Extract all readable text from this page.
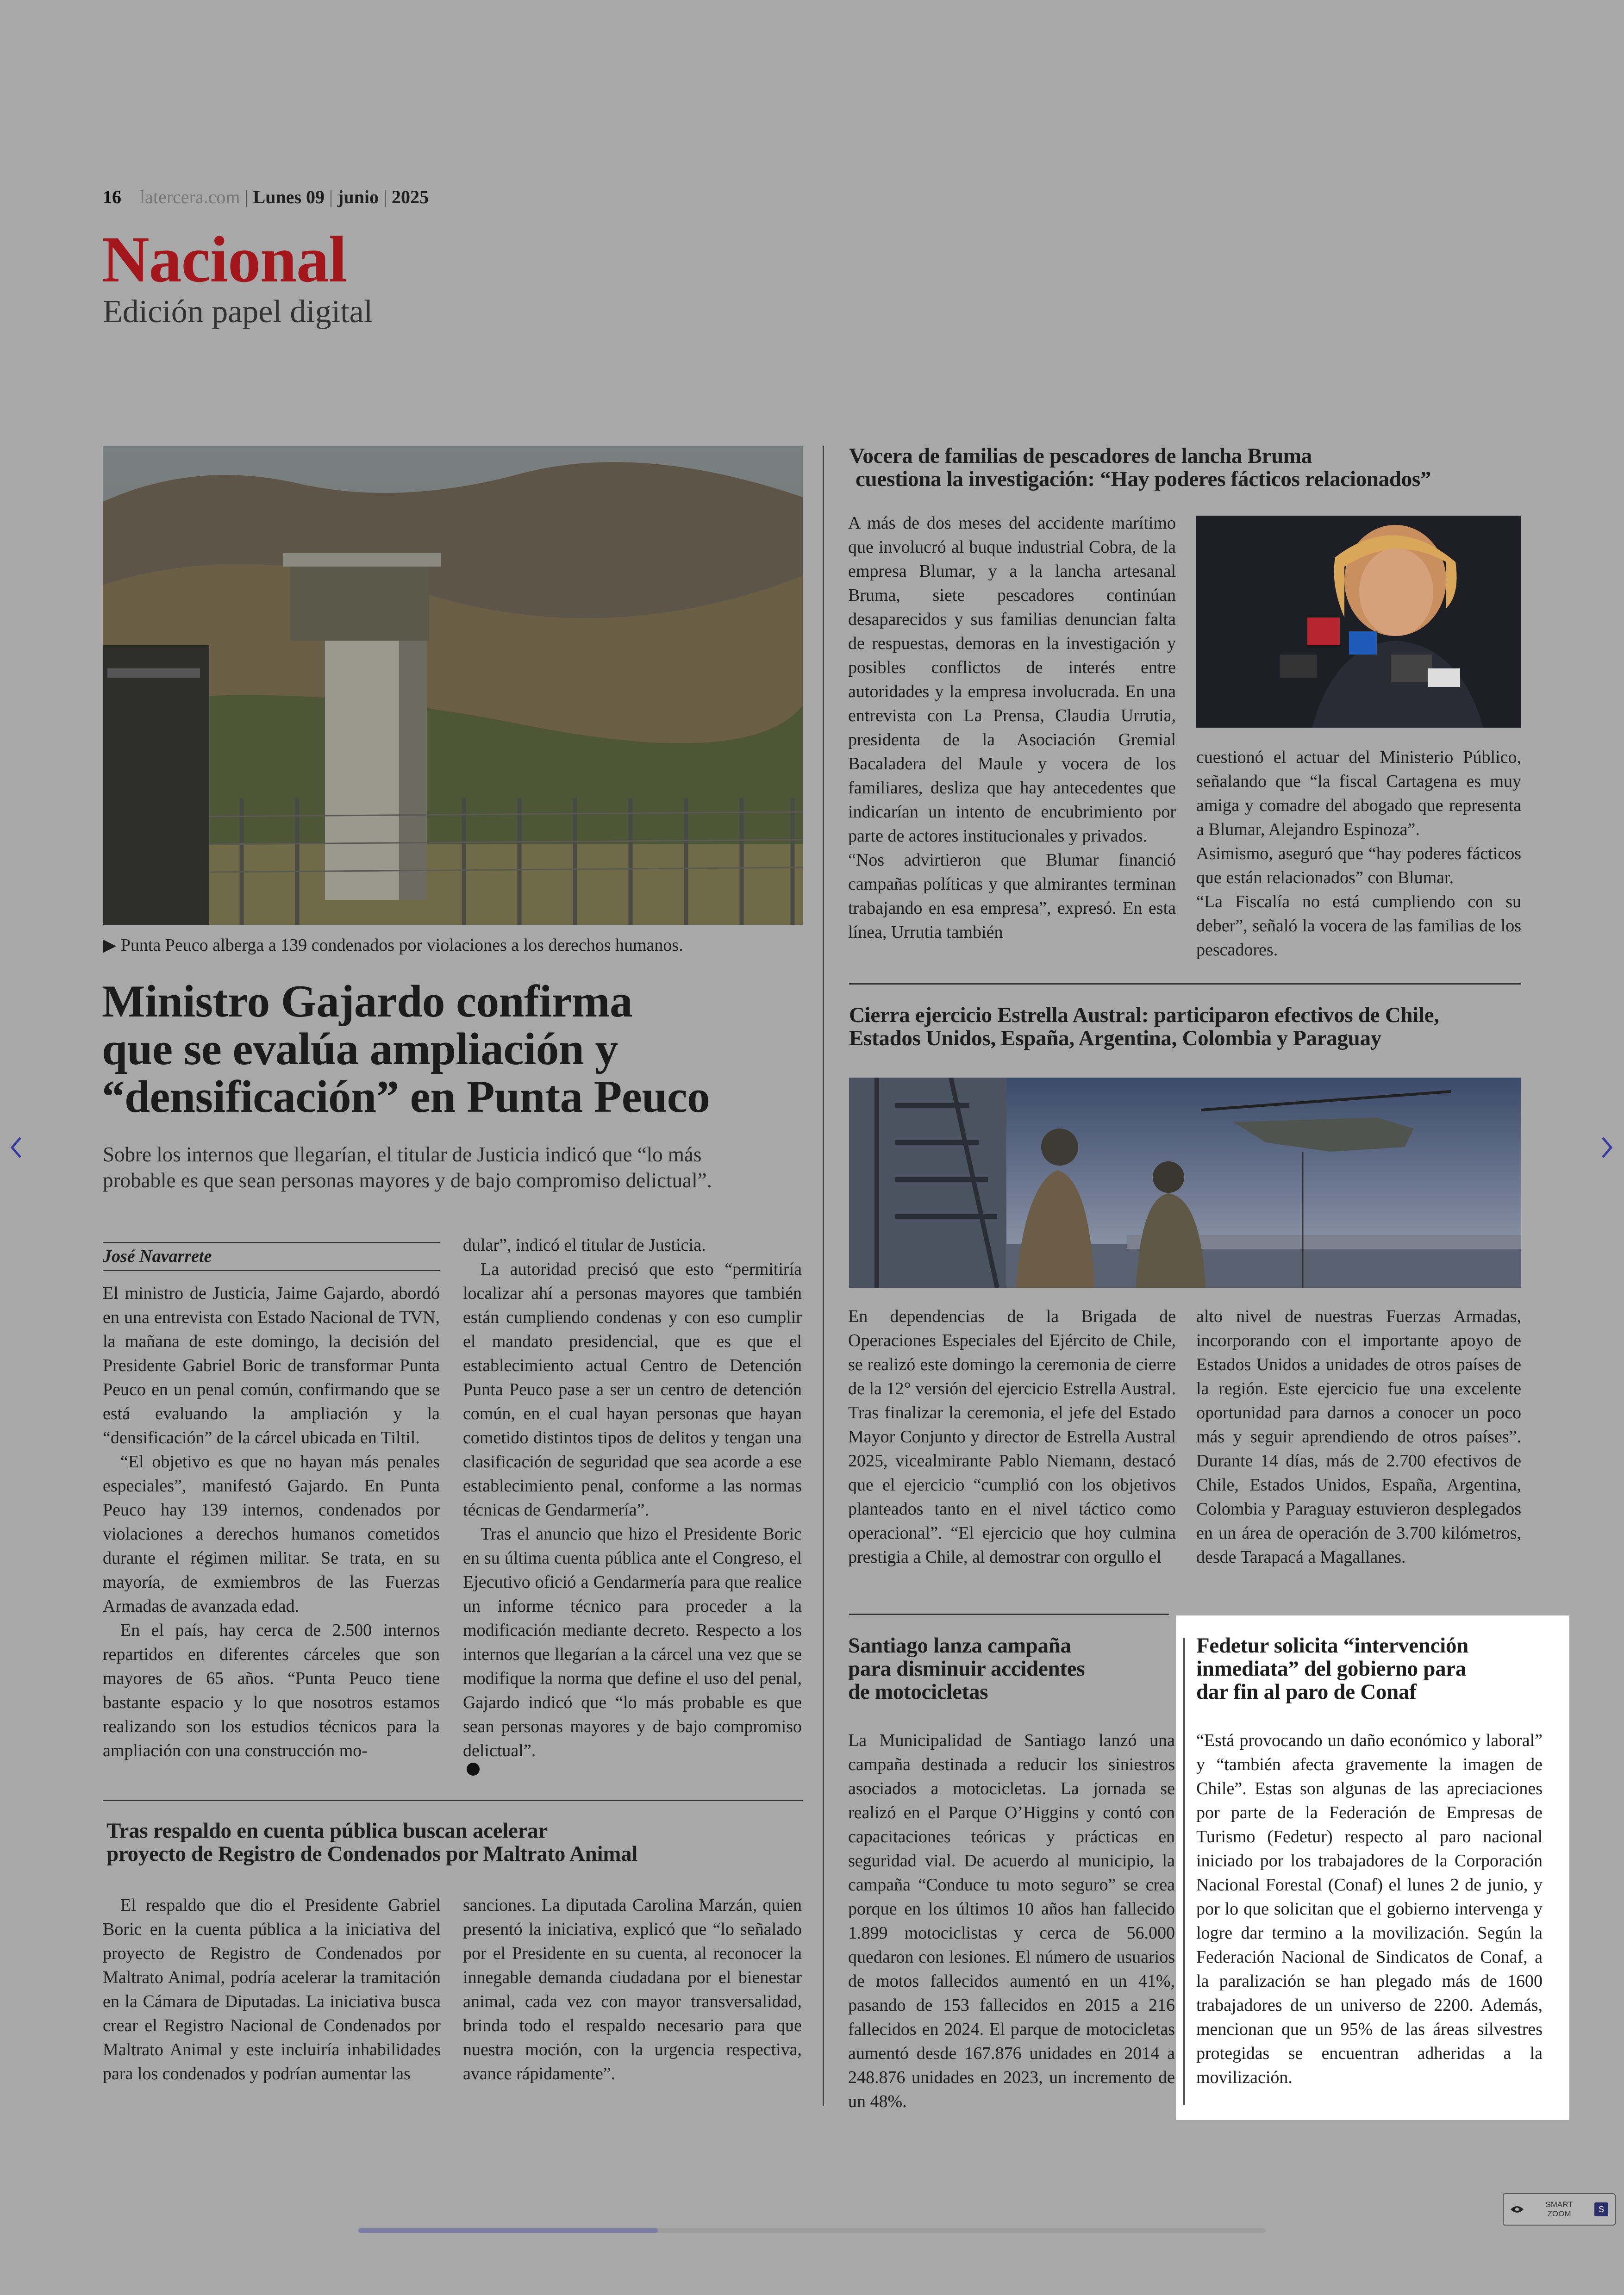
16 latercera.com | Lunes 09 | junio | 2025
Nacional
Edición papel digital
▶ Punta Peuco alberga a 139 condenados por violaciones a los derechos humanos.
Ministro Gajardo confirma
que se evalúa ampliación y
“densificación” en Punta Peuco
Sobre los internos que llegarían, el titular de Justicia indicó que “lo más
probable es que sean personas mayores y de bajo compromiso delictual”.
José Navarrete

El ministro de Justicia, Jaime Gajardo, abordó en una entrevista con Estado Nacional de TVN, la mañana de este domingo, la decisión del Presidente Gabriel Boric de transformar Punta Peuco en un penal común, confirmando que se está evaluando la ampliación y la “densificación” de la cárcel ubicada en Tiltil.

“El objetivo es que no hayan más penales especiales”, manifestó Gajardo. En Punta Peuco hay 139 internos, condenados por violaciones a derechos humanos cometidos durante el régimen militar. Se trata, en su mayoría, de exmiembros de las Fuerzas Armadas de avanzada edad.

En el país, hay cerca de 2.500 internos repartidos en diferentes cárceles que son mayores de 65 años. “Punta Peuco tiene bastante espacio y lo que nosotros estamos realizando son los estudios técnicos para la ampliación con una construcción mo-

dular”, indicó el titular de Justicia.

La autoridad precisó que esto “permitiría localizar ahí a personas mayores que también están cumpliendo condenas y con eso cumplir el mandato presidencial, que es que el establecimiento actual Centro de Detención Punta Peuco pase a ser un centro de detención común, en el cual hayan personas que hayan cometido distintos tipos de delitos y tengan una clasificación de seguridad que sea acorde a ese establecimiento penal, conforme a las normas técnicas de Gendarmería”.

Tras el anuncio que hizo el Presidente Boric en su última cuenta pública ante el Congreso, el Ejecutivo ofició a Gendarmería para que realice un informe técnico para proceder a la modificación mediante decreto. Respecto a los internos que llegarían a la cárcel una vez que se modifique la norma que define el uso del penal, Gajardo indicó que “lo más probable es que sean personas mayores y de bajo compromiso delictual”.

Tras respaldo en cuenta pública buscan acelerar
proyecto de Registro de Condenados por Maltrato Animal

El respaldo que dio el Presidente Gabriel Boric en la cuenta pública a la iniciativa del proyecto de Registro de Condenados por Maltrato Animal, podría acelerar la tramitación en la Cámara de Diputadas. La iniciativa busca crear el Registro Nacional de Condenados por Maltrato Animal y este incluiría inhabilidades para los condenados y podrían aumentar las

sanciones. La diputada Carolina Marzán, quien presentó la iniciativa, explicó que “lo señalado por el Presidente en su cuenta, al reconocer la innegable demanda ciudadana por el bienestar animal, cada vez con mayor transversalidad, brinda todo el respaldo necesario para que nuestra moción, con la urgencia respectiva, avance rápidamente”.

Vocera de familias de pescadores de lancha Bruma
cuestiona la investigación: “Hay poderes fácticos relacionados”

A más de dos meses del accidente marítimo que involucró al buque industrial Cobra, de la empresa Blumar, y a la lancha artesanal Bruma, siete pescadores continúan desaparecidos y sus familias denuncian falta de respuestas, demoras en la investigación y posibles conflictos de interés entre autoridades y la empresa involucrada. En una entrevista con La Prensa, Claudia Urrutia, presidenta de la Asociación Gremial Bacaladera del Maule y vocera de los familiares, desliza que hay antecedentes que indicarían un intento de encubrimiento por parte de actores institucionales y privados.

“Nos advirtieron que Blumar financió campañas políticas y que almirantes terminan trabajando en esa empresa”, expresó. En esta línea, Urrutia también

cuestionó el actuar del Ministerio Público, señalando que “la fiscal Cartagena es muy amiga y comadre del abogado que representa a Blumar, Alejandro Espinoza”.

Asimismo, aseguró que “hay poderes fácticos que están relacionados” con Blumar.

“La Fiscalía no está cumpliendo con su deber”, señaló la vocera de las familias de los pescadores.

Cierra ejercicio Estrella Austral: participaron efectivos de Chile,
Estados Unidos, España, Argentina, Colombia y Paraguay

En dependencias de la Brigada de Operaciones Especiales del Ejército de Chile, se realizó este domingo la ceremonia de cierre de la 12° versión del ejercicio Estrella Austral. Tras finalizar la ceremonia, el jefe del Estado Mayor Conjunto y director de Estrella Austral 2025, vicealmirante Pablo Niemann, destacó que el ejercicio “cumplió con los objetivos planteados tanto en el nivel táctico como operacional”. “El ejercicio que hoy culmina prestigia a Chile, al demostrar con orgullo el

alto nivel de nuestras Fuerzas Armadas, incorporando con el importante apoyo de Estados Unidos a unidades de otros países de la región. Este ejercicio fue una excelente oportunidad para darnos a conocer un poco más y seguir aprendiendo de otros países”. Durante 14 días, más de 2.700 efectivos de Chile, Estados Unidos, España, Argentina, Colombia y Paraguay estuvieron desplegados en un área de operación de 3.700 kilómetros, desde Tarapacá a Magallanes.

Santiago lanza campaña
para disminuir accidentes
de motocicletas

La Municipalidad de Santiago lanzó una campaña destinada a reducir los siniestros asociados a motocicletas. La jornada se realizó en el Parque O’Higgins y contó con capacitaciones teóricas y prácticas en seguridad vial. De acuerdo al municipio, la campaña “Conduce tu moto seguro” se crea porque en los últimos 10 años han fallecido 1.899 motociclistas y cerca de 56.000 quedaron con lesiones. El número de usuarios de motos fallecidos aumentó en un 41%, pasando de 153 fallecidos en 2015 a 216 fallecidos en 2024. El parque de motocicletas aumentó desde 167.876 unidades en 2014 a 248.876 unidades en 2023, un incremento de un 48%.

Fedetur solicita “intervención
inmediata” del gobierno para
dar fin al paro de Conaf

“Está provocando un daño económico y laboral” y “también afecta gravemente la imagen de Chile”. Estas son algunas de las apreciaciones por parte de la Federación de Empresas de Turismo (Fedetur) respecto al paro nacional iniciado por los trabajadores de la Corporación Nacional Forestal (Conaf) el lunes 2 de junio, y por lo que solicitan que el gobierno intervenga y logre dar termino a la movilización. Según la Federación Nacional de Sindicatos de Conaf, a la paralización se han plegado más de 1600 trabajadores de un universo de 2200. Además, mencionan que un 95% de las áreas silvestres protegidas se encuentran adheridas a la movilización.

SMART ZOOM	S
